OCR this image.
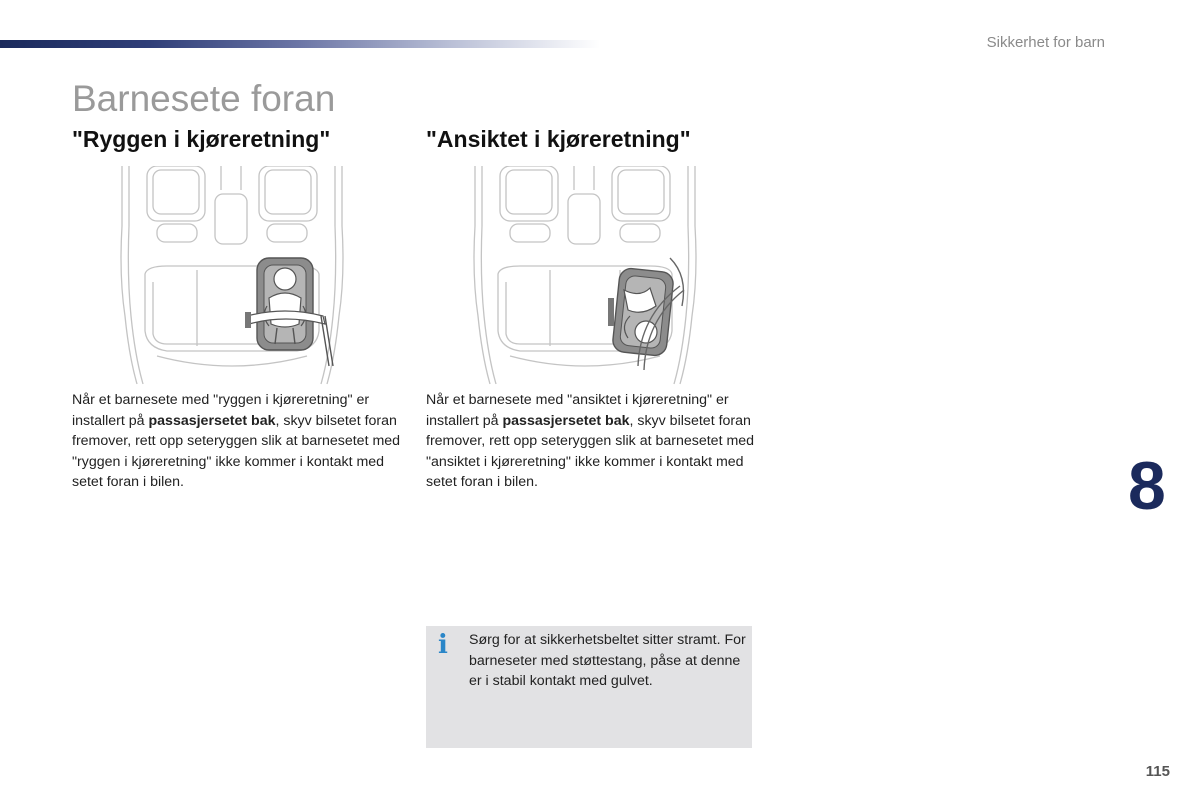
Sikkerhet for barn
Barnesete foran
"Ryggen i kjøreretning"
Når et barnesete med "ryggen i kjøreretning" er installert på passasjersetet bak, skyv bilsetet foran fremover, rett opp seteryggen slik at barnesetet med "ryggen i kjøreretning" ikke kommer i kontakt med setet foran i bilen.
"Ansiktet i kjøreretning"
Når et barnesete med "ansiktet i kjøreretning" er installert på passasjersetet bak, skyv bilsetet foran fremover, rett opp seteryggen slik at barnesetet med "ansiktet i kjøreretning" ikke kommer i kontakt med setet foran i bilen.
i Sørg for at sikkerhetsbeltet sitter stramt. For barneseter med støttestang, påse at denne er i stabil kontakt med gulvet.
8
115
